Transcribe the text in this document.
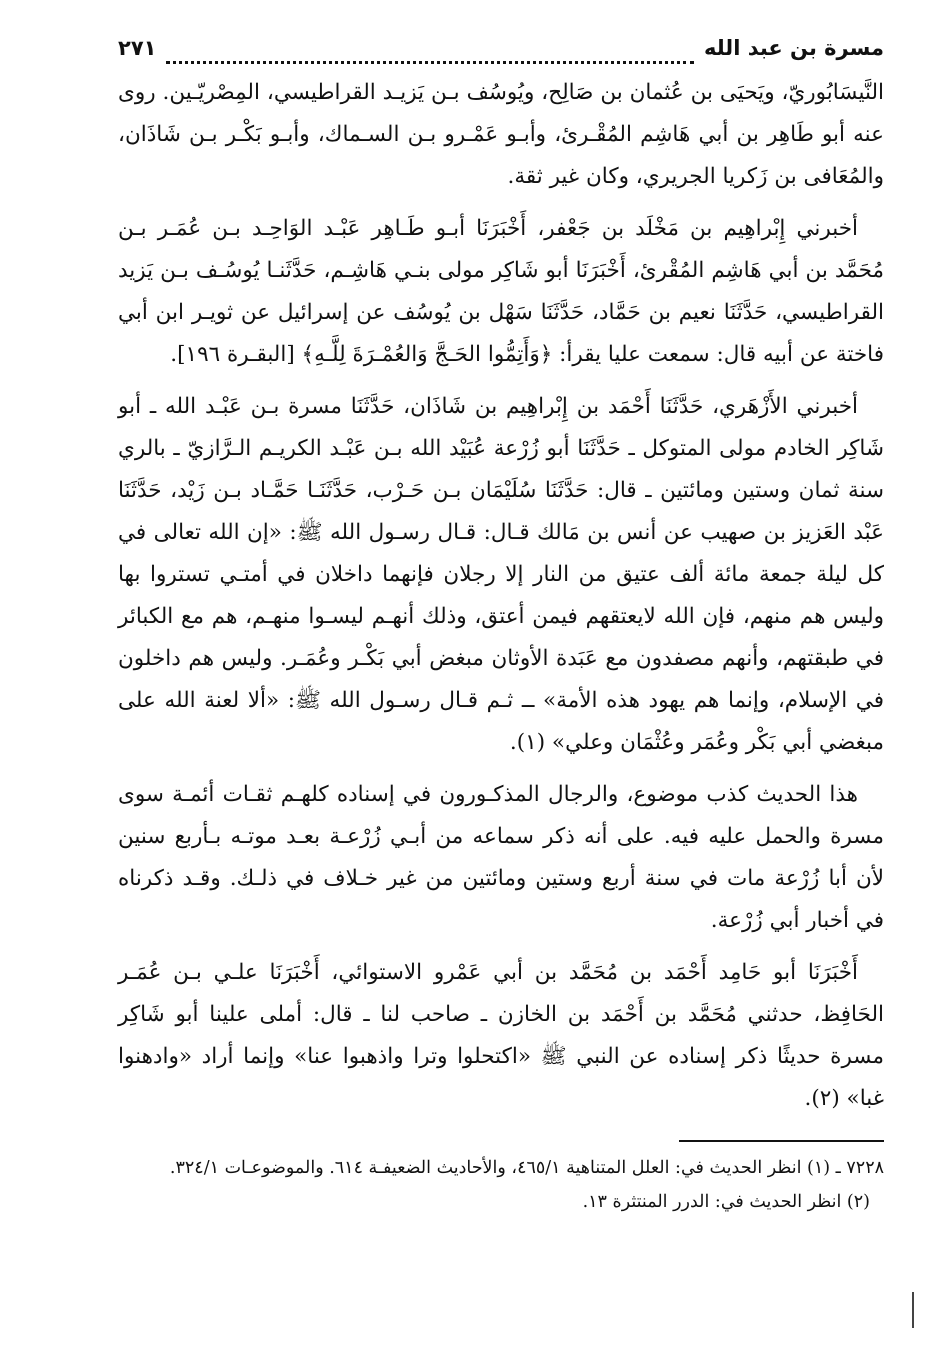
مسرة بن عبد الله
٢٧١

النَّيسَابُوريّ، ويَحيَى بن عُثمان بن صَالِح، ويُوسُف بـن يَزيـد القراطيسي، المِصْريّـين. روى عنه أبو طَاهِر بن أبي هَاشِم المُقْـرئ، وأبـو عَمْـرو بـن السـماك، وأبـو بَكْـر بـن شَاذَان، والمُعَافى بن زَكريا الجريري، وكان غير ثقة.

أخبرني إِبْراهِيم بن مَخْلَد بن جَعْفر، أَخْبَرَنَا أبـو طَـاهِر عَبْـد الوَاحِـد بـن عُمَـر بـن مُحَمَّد بن أبي هَاشِم المُقْرئ، أَخْبَرَنَا أبو شَاكِر مولى بنـي هَاشِـم، حَدَّثَنـا يُوسُـف بـن يَزيد القراطيسي، حَدَّثَنَا نعيم بن حَمَّاد، حَدَّثَنَا سَهْل بن يُوسُف عن إسرائيل عن ثويـر ابن أبي فاختة عن أبيه قال: سمعت عليا يقرأ: ﴿وَأَتِمُّوا الحَـجَّ وَالعُمْـرَةَ لِلَّـهِ﴾ [البقـرة ١٩٦].

أخبرني الأَزْهَري، حَدَّثَنَا أَحْمَد بن إِبْراهِيم بن شَاذَان، حَدَّثَنَا مسرة بـن عَبْـد الله ـ أبو شَاكِر الخادم مولى المتوكل ـ حَدَّثَنَا أبو زُرْعة عُبَيْد الله بـن عَبْـد الكريـم الـرَّازيّ ـ بالري سنة ثمان وستين ومائتين ـ قال: حَدَّثَنَا سُلَيْمَان بـن حَـرْب، حَدَّثَنَـا حَمَّـاد بـن زَيْد، حَدَّثَنَا عَبْد العَزيز بن صهيب عن أنس بن مَالك قـال: قـال رسـول الله ﷺ: «إن الله تعالى في كل ليلة جمعة مائة ألف عتيق من النار إلا رجلان فإنهما داخلان في أمتـي تستروا بها وليس هم منهم، فإن الله لايعتقهم فيمن أعتق، وذلك أنهـم ليسـوا منهـم، هم مع الكبائر في طبقتهم، وأنهم مصفدون مع عَبَدة الأوثان مبغض أبي بَكْـر وعُمَـر. وليس هم داخلون في الإسلام، وإنما هم يهود هذه الأمة» ــ ثـم قـال رسـول الله ﷺ: «ألا لعنة الله على مبغضي أبي بَكْر وعُمَر وعُثْمَان وعلي» (١).

هذا الحديث كذب موضوع، والرجال المذكـورون في إسناده كلهـم ثقـات أئمـة سوى مسرة والحمل عليه فيه. على أنه ذكر سماعه من أبـي زُرْعـة بعـد موتـه بـأربع سنين لأن أبا زُرْعة مات في سنة أربع وستين ومائتين من غير خـلاف في ذلـك. وقـد ذكرناه في أخبار أبي زُرْعة.

أَخْبَرَنَا أبو حَامِد أَحْمَد بن مُحَمَّد بن أبي عَمْرو الاستوائي، أَخْبَرَنَا علـي بـن عُمَـر الحَافِظ، حدثني مُحَمَّد بن أَحْمَد بن الخازن ـ صاحب لنا ـ قال: أملى علينا أبو شَاكِر مسرة حديثًا ذكر إسناده عن النبي ﷺ «اكتحلوا وترا واذهبوا عنا» وإنما أراد «وادهنوا غبا» (٢).

٧٢٢٨ ـ (١) انظر الحديث في: العلل المتناهية ٤٦٥/١، والأحاديث الضعيفـة ٦١٤. والموضوعـات ٣٢٤/١.

(٢) انظر الحديث في: الدرر المنتثرة ١٣.
